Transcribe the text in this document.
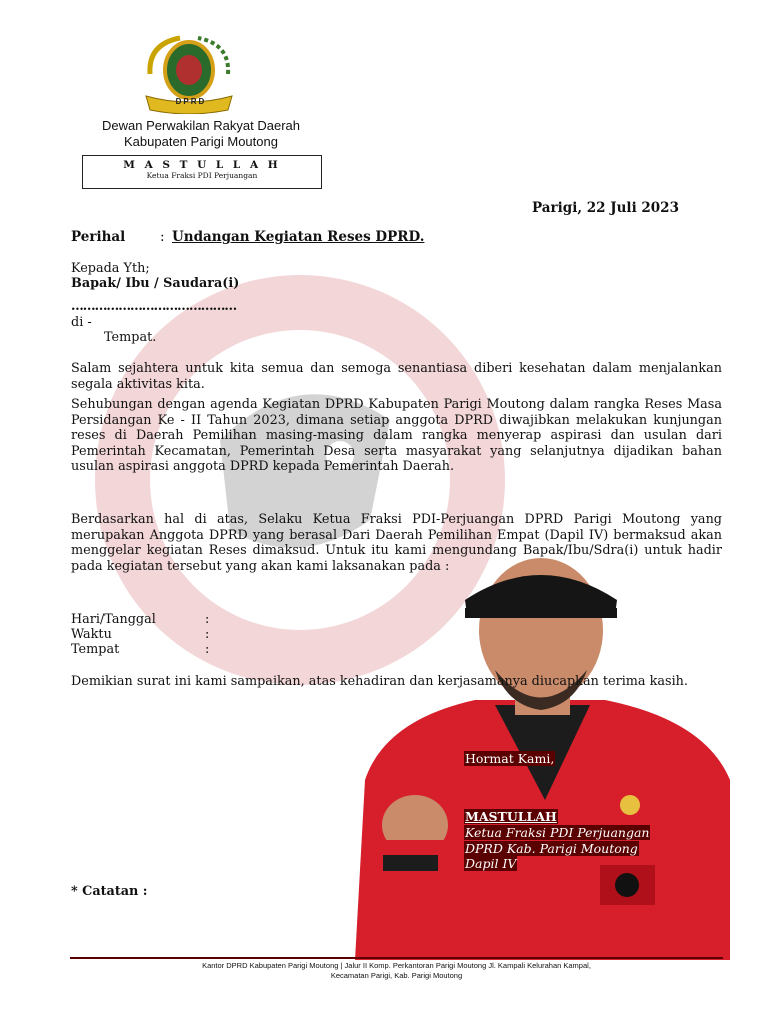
DPRD
Dewan Perwakilan Rakyat Daerah
Kabupaten Parigi Moutong
M A S T U L L A H
Ketua Fraksi PDI Perjuangan
Parigi, 22 Juli 2023
Perihal	: Undangan Kegiatan Reses DPRD.
Kepada Yth;
Bapak/ Ibu / Saudara(i)
……………………………………
di -
Tempat.
Salam sejahtera untuk kita semua dan semoga senantiasa diberi kesehatan dalam menjalankan segala aktivitas kita.
Sehubungan dengan agenda Kegiatan DPRD Kabupaten Parigi Moutong dalam rangka Reses Masa Persidangan Ke - II Tahun 2023, dimana setiap anggota DPRD diwajibkan melakukan kunjungan reses di Daerah Pemilihan masing-masing dalam rangka menyerap aspirasi dan usulan dari Pemerintah Kecamatan, Pemerintah Desa serta masyarakat yang selanjutnya dijadikan bahan usulan aspirasi anggota DPRD kepada Pemerintah Daerah.
Berdasarkan hal di atas, Selaku Ketua Fraksi PDI-Perjuangan DPRD Parigi Moutong yang merupakan Anggota DPRD yang berasal Dari Daerah Pemilihan Empat (Dapil IV) bermaksud akan menggelar kegiatan Reses dimaksud. Untuk itu kami mengundang Bapak/Ibu/Sdra(i) untuk hadir pada kegiatan tersebut yang akan kami laksanakan pada :
Hari/Tanggal	:
Waktu	:
Tempat	:
Demikian surat ini kami sampaikan, atas kehadiran dan kerjasamanya diucapkan terima kasih.
Hormat Kami,
MASTULLAH
Ketua Fraksi PDI Perjuangan
DPRD Kab. Parigi Moutong
Dapil IV
* Catatan :
Kantor DPRD Kabupaten Parigi Moutong | Jalur II Komp. Perkantoran Parigi Moutong Jl. Kampali Kelurahan Kampal,
Kecamatan Parigi, Kab. Parigi Moutong
